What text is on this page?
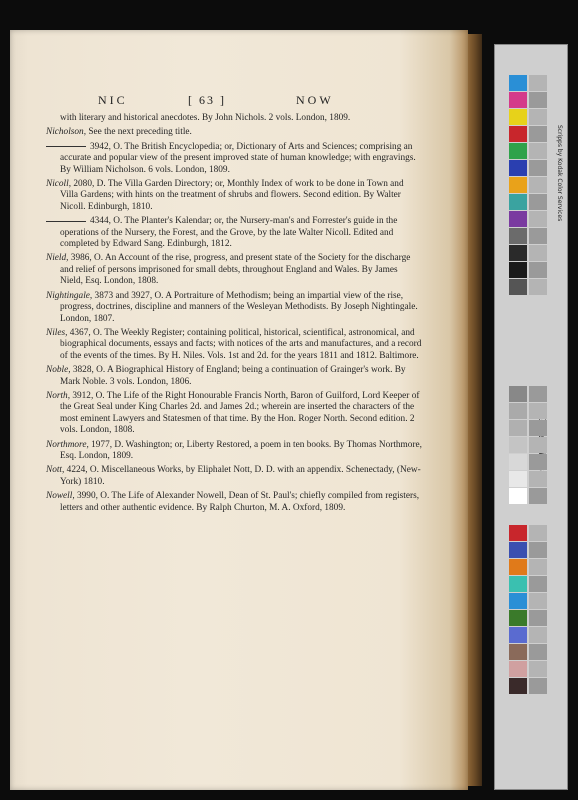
NIC	[ 63 ]	NOW
with literary and historical anecdotes. By John Nichols. 2 vols. London, 1809.
Nicholson, See the next preceding title.
3942, O. The British Encyclopedia; or, Dictionary of Arts and Sciences; comprising an accurate and popular view of the present improved state of human knowledge; with engravings. By William Nicholson. 6 vols. London, 1809.
Nicoll, 2080, D. The Villa Garden Directory; or, Monthly Index of work to be done in Town and Villa Gardens; with hints on the treatment of shrubs and flowers. Second edition. By Walter Nicoll. Edinburgh, 1810.
4344, O. The Planter's Kalendar; or, the Nursery-man's and Forrester's guide in the operations of the Nursery, the Forest, and the Grove, by the late Walter Nicoll. Edited and completed by Edward Sang. Edinburgh, 1812.
Nield, 3986, O. An Account of the rise, progress, and present state of the Society for the discharge and relief of persons imprisoned for small debts, throughout England and Wales. By James Nield, Esq. London, 1808.
Nightingale, 3873 and 3927, O. A Portraiture of Methodism; being an impartial view of the rise, progress, doctrines, discipline and manners of the Wesleyan Methodists. By Joseph Nightingale. London, 1807.
Niles, 4367, O. The Weekly Register; containing political, historical, scientifical, astronomical, and biographical documents, essays and facts; with notices of the arts and manufactures, and a record of the events of the times. By H. Niles. Vols. 1st and 2d. for the years 1811 and 1812. Baltimore.
Noble, 3828, O. A Biographical History of England; being a continuation of Grainger's work. By Mark Noble. 3 vols. London, 1806.
North, 3912, O. The Life of the Right Honourable Francis North, Baron of Guilford, Lord Keeper of the Great Seal under King Charles 2d. and James 2d.; wherein are inserted the characters of the most eminent Lawyers and Statesmen of that time. By the Hon. Roger North. Second edition. 2 vols. London, 1808.
Northmore, 1977, D. Washington; or, Liberty Restored, a poem in ten books. By Thomas Northmore, Esq. London, 1809.
Nott, 4224, O. Miscellaneous Works, by Eliphalet Nott, D. D. with an appendix. Schenectady, (New-York) 1810.
Nowell, 3990, O. The Life of Alexander Nowell, Dean of St. Paul's; chiefly compiled from registers, letters and other authentic evidence. By Ralph Churton, M. A. Oxford, 1809.
Scripps by Kodak Color Services
